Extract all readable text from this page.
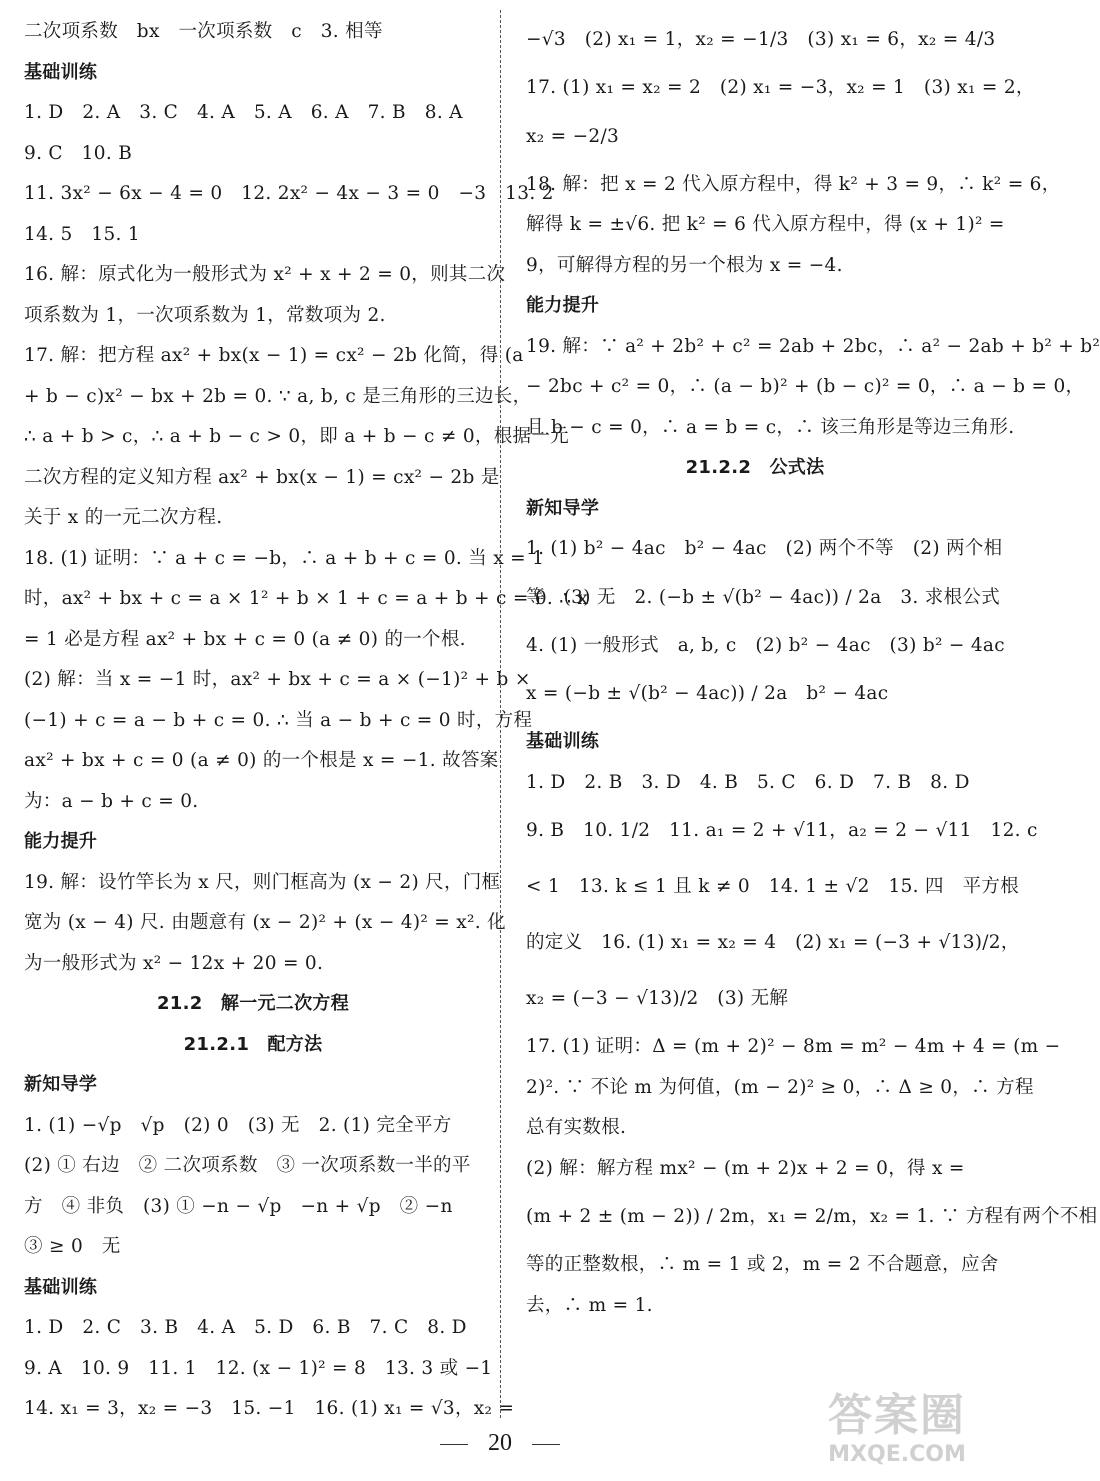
二次项系数　bx　一次项系数　c　3. 相等
基础训练
1. D　2. A　3. C　4. A　5. A　6. A　7. B　8. A
9. C　10. B
11. 3x² − 6x − 4 = 0　12. 2x² − 4x − 3 = 0　−3　13. 2
14. 5　15. 1
16. 解：原式化为一般形式为 x² + x + 2 = 0，则其二次
项系数为 1，一次项系数为 1，常数项为 2.
17. 解：把方程 ax² + bx(x − 1) = cx² − 2b 化简，得 (a
+ b − c)x² − bx + 2b = 0. ∵ a, b, c 是三角形的三边长，
∴ a + b > c，∴ a + b − c > 0，即 a + b − c ≠ 0，根据一元
二次方程的定义知方程 ax² + bx(x − 1) = cx² − 2b 是
关于 x 的一元二次方程.
18. (1) 证明：∵ a + c = −b，∴ a + b + c = 0. 当 x = 1
时，ax² + bx + c = a × 1² + b × 1 + c = a + b + c = 0. ∴ x
= 1 必是方程 ax² + bx + c = 0 (a ≠ 0) 的一个根.
(2) 解：当 x = −1 时，ax² + bx + c = a × (−1)² + b ×
(−1) + c = a − b + c = 0. ∴ 当 a − b + c = 0 时，方程
ax² + bx + c = 0 (a ≠ 0) 的一个根是 x = −1. 故答案
为：a − b + c = 0.
能力提升
19. 解：设竹竿长为 x 尺，则门框高为 (x − 2) 尺，门框
宽为 (x − 4) 尺. 由题意有 (x − 2)² + (x − 4)² = x². 化
为一般形式为 x² − 12x + 20 = 0.
21.2　解一元二次方程
21.2.1　配方法
新知导学
1. (1) −√p　√p　(2) 0　(3) 无　2. (1) 完全平方
(2) ① 右边　② 二次项系数　③ 一次项系数一半的平
方　④ 非负　(3) ① −n − √p　−n + √p　② −n
③ ≥ 0　无
基础训练
1. D　2. C　3. B　4. A　5. D　6. B　7. C　8. D
9. A　10. 9　11. 1　12. (x − 1)² = 8　13. 3 或 −1
14. x₁ = 3，x₂ = −3　15. −1　16. (1) x₁ = √3，x₂ =
−√3　(2) x₁ = 1，x₂ = −1/3　(3) x₁ = 6，x₂ = 4/3
17. (1) x₁ = x₂ = 2　(2) x₁ = −3，x₂ = 1　(3) x₁ = 2，
x₂ = −2/3
18. 解：把 x = 2 代入原方程中，得 k² + 3 = 9，∴ k² = 6，
解得 k = ±√6. 把 k² = 6 代入原方程中，得 (x + 1)² =
9，可解得方程的另一个根为 x = −4.
能力提升
19. 解：∵ a² + 2b² + c² = 2ab + 2bc，∴ a² − 2ab + b² + b²
− 2bc + c² = 0，∴ (a − b)² + (b − c)² = 0，∴ a − b = 0，
且 b − c = 0，∴ a = b = c，∴ 该三角形是等边三角形.
21.2.2　公式法
新知导学
1. (1) b² − 4ac　b² − 4ac　(2) 两个不等　(2) 两个相
等　(3) 无　2. (−b ± √(b² − 4ac)) / 2a　3. 求根公式
4. (1) 一般形式　a, b, c　(2) b² − 4ac　(3) b² − 4ac
x = (−b ± √(b² − 4ac)) / 2a　b² − 4ac
基础训练
1. D　2. B　3. D　4. B　5. C　6. D　7. B　8. D
9. B　10. 1/2　11. a₁ = 2 + √11，a₂ = 2 − √11　12. c
< 1　13. k ≤ 1 且 k ≠ 0　14. 1 ± √2　15. 四　平方根
的定义　16. (1) x₁ = x₂ = 4　(2) x₁ = (−3 + √13)/2，
x₂ = (−3 − √13)/2　(3) 无解
17. (1) 证明：Δ = (m + 2)² − 8m = m² − 4m + 4 = (m −
2)². ∵ 不论 m 为何值，(m − 2)² ≥ 0，∴ Δ ≥ 0，∴ 方程
总有实数根.
(2) 解：解方程 mx² − (m + 2)x + 2 = 0，得 x =
(m + 2 ± (m − 2)) / 2m，x₁ = 2/m，x₂ = 1. ∵ 方程有两个不相
等的正整数根，∴ m = 1 或 2，m = 2 不合题意，应舍
去，∴ m = 1.
20
答案圈
MXQE.COM
